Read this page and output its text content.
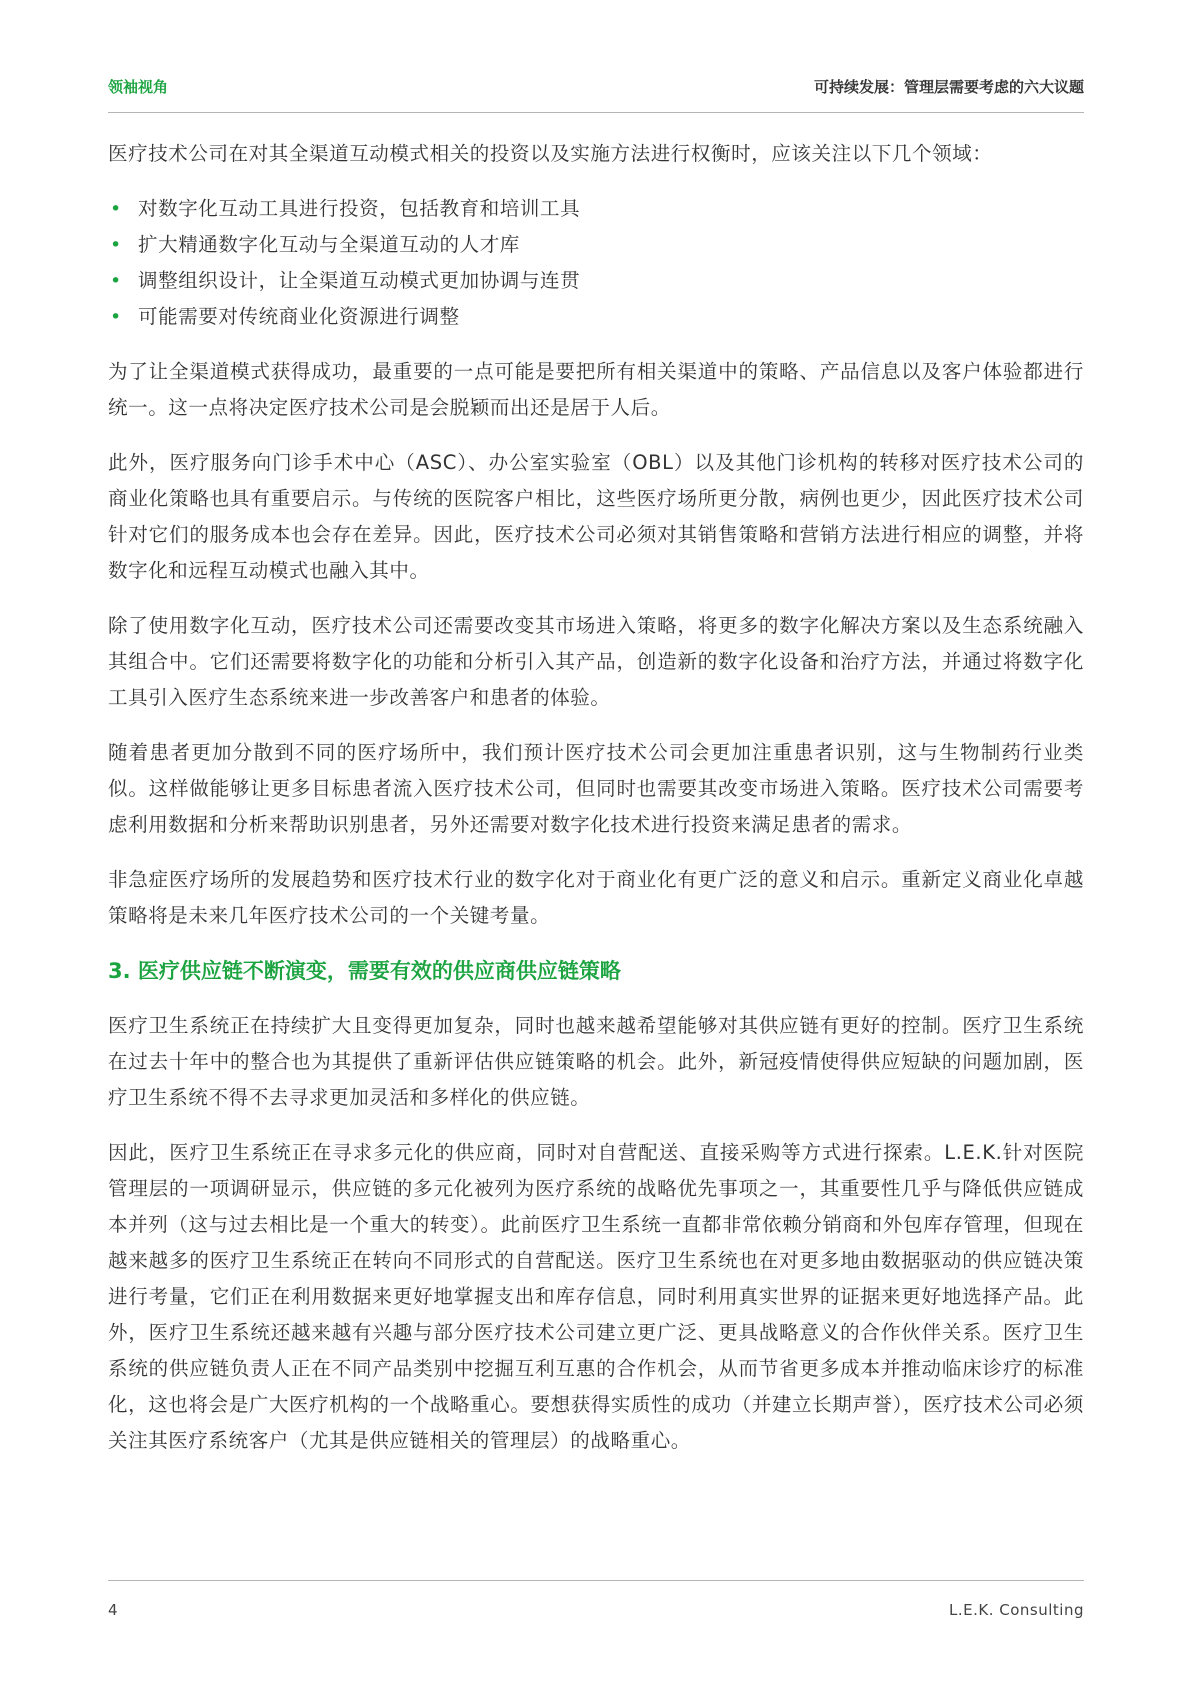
领袖视角	可持续发展：管理层需要考虑的六大议题

医疗技术公司在对其全渠道互动模式相关的投资以及实施方法进行权衡时，应该关注以下几个领域：

• 对数字化互动工具进行投资，包括教育和培训工具
• 扩大精通数字化互动与全渠道互动的人才库
• 调整组织设计，让全渠道互动模式更加协调与连贯
• 可能需要对传统商业化资源进行调整

为了让全渠道模式获得成功，最重要的一点可能是要把所有相关渠道中的策略、产品信息以及客户体验都进行统一。这一点将决定医疗技术公司是会脱颖而出还是居于人后。

此外，医疗服务向门诊手术中心（ASC）、办公室实验室（OBL）以及其他门诊机构的转移对医疗技术公司的商业化策略也具有重要启示。与传统的医院客户相比，这些医疗场所更分散，病例也更少，因此医疗技术公司针对它们的服务成本也会存在差异。因此，医疗技术公司必须对其销售策略和营销方法进行相应的调整，并将数字化和远程互动模式也融入其中。

除了使用数字化互动，医疗技术公司还需要改变其市场进入策略，将更多的数字化解决方案以及生态系统融入其组合中。它们还需要将数字化的功能和分析引入其产品，创造新的数字化设备和治疗方法，并通过将数字化工具引入医疗生态系统来进一步改善客户和患者的体验。

随着患者更加分散到不同的医疗场所中，我们预计医疗技术公司会更加注重患者识别，这与生物制药行业类似。这样做能够让更多目标患者流入医疗技术公司，但同时也需要其改变市场进入策略。医疗技术公司需要考虑利用数据和分析来帮助识别患者，另外还需要对数字化技术进行投资来满足患者的需求。

非急症医疗场所的发展趋势和医疗技术行业的数字化对于商业化有更广泛的意义和启示。重新定义商业化卓越策略将是未来几年医疗技术公司的一个关键考量。

3. 医疗供应链不断演变，需要有效的供应商供应链策略

医疗卫生系统正在持续扩大且变得更加复杂，同时也越来越希望能够对其供应链有更好的控制。医疗卫生系统在过去十年中的整合也为其提供了重新评估供应链策略的机会。此外，新冠疫情使得供应短缺的问题加剧，医疗卫生系统不得不去寻求更加灵活和多样化的供应链。

因此，医疗卫生系统正在寻求多元化的供应商，同时对自营配送、直接采购等方式进行探索。L.E.K.针对医院管理层的一项调研显示，供应链的多元化被列为医疗系统的战略优先事项之一，其重要性几乎与降低供应链成本并列（这与过去相比是一个重大的转变）。此前医疗卫生系统一直都非常依赖分销商和外包库存管理，但现在越来越多的医疗卫生系统正在转向不同形式的自营配送。医疗卫生系统也在对更多地由数据驱动的供应链决策进行考量，它们正在利用数据来更好地掌握支出和库存信息，同时利用真实世界的证据来更好地选择产品。此外，医疗卫生系统还越来越有兴趣与部分医疗技术公司建立更广泛、更具战略意义的合作伙伴关系。医疗卫生系统的供应链负责人正在不同产品类别中挖掘互利互惠的合作机会，从而节省更多成本并推动临床诊疗的标准化，这也将会是广大医疗机构的一个战略重心。要想获得实质性的成功（并建立长期声誉），医疗技术公司必须关注其医疗系统客户（尤其是供应链相关的管理层）的战略重心。

4	L.E.K. Consulting
